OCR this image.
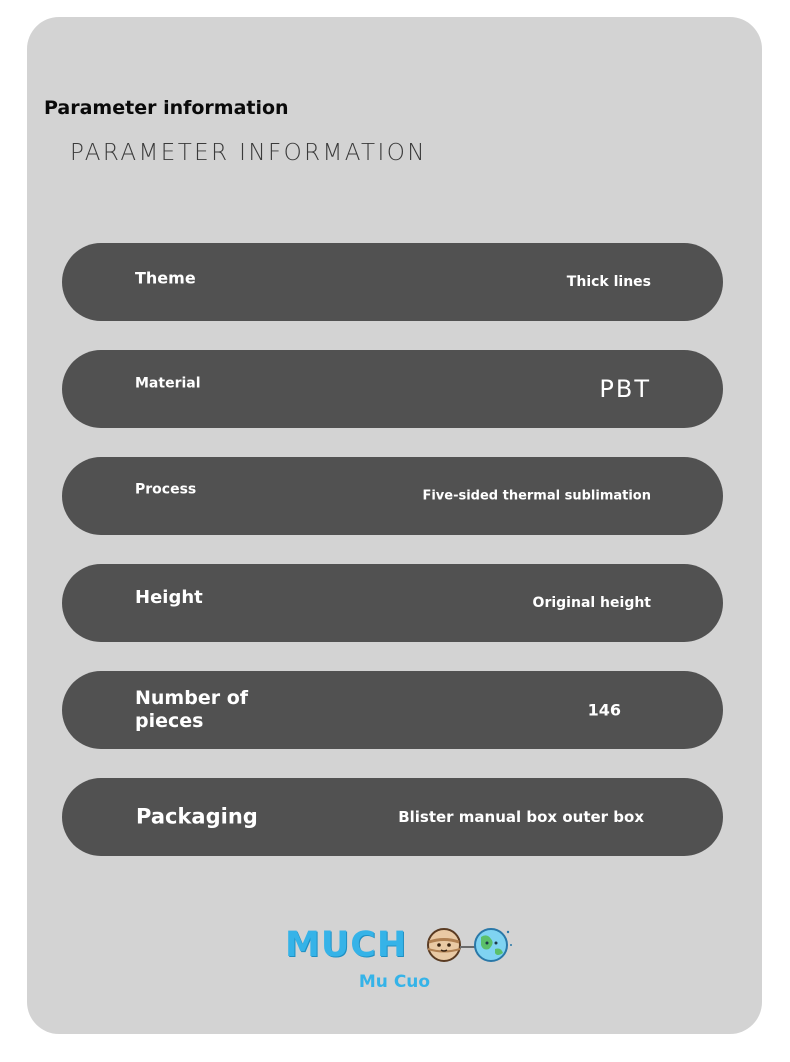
Parameter information
PARAMETER INFORMATION
Theme	Thick lines
Material	PBT
Process	Five-sided thermal sublimation
Height	Original height
Number of pieces	146
Packaging	Blister manual box outer box
MUCH
Mu Cuo
